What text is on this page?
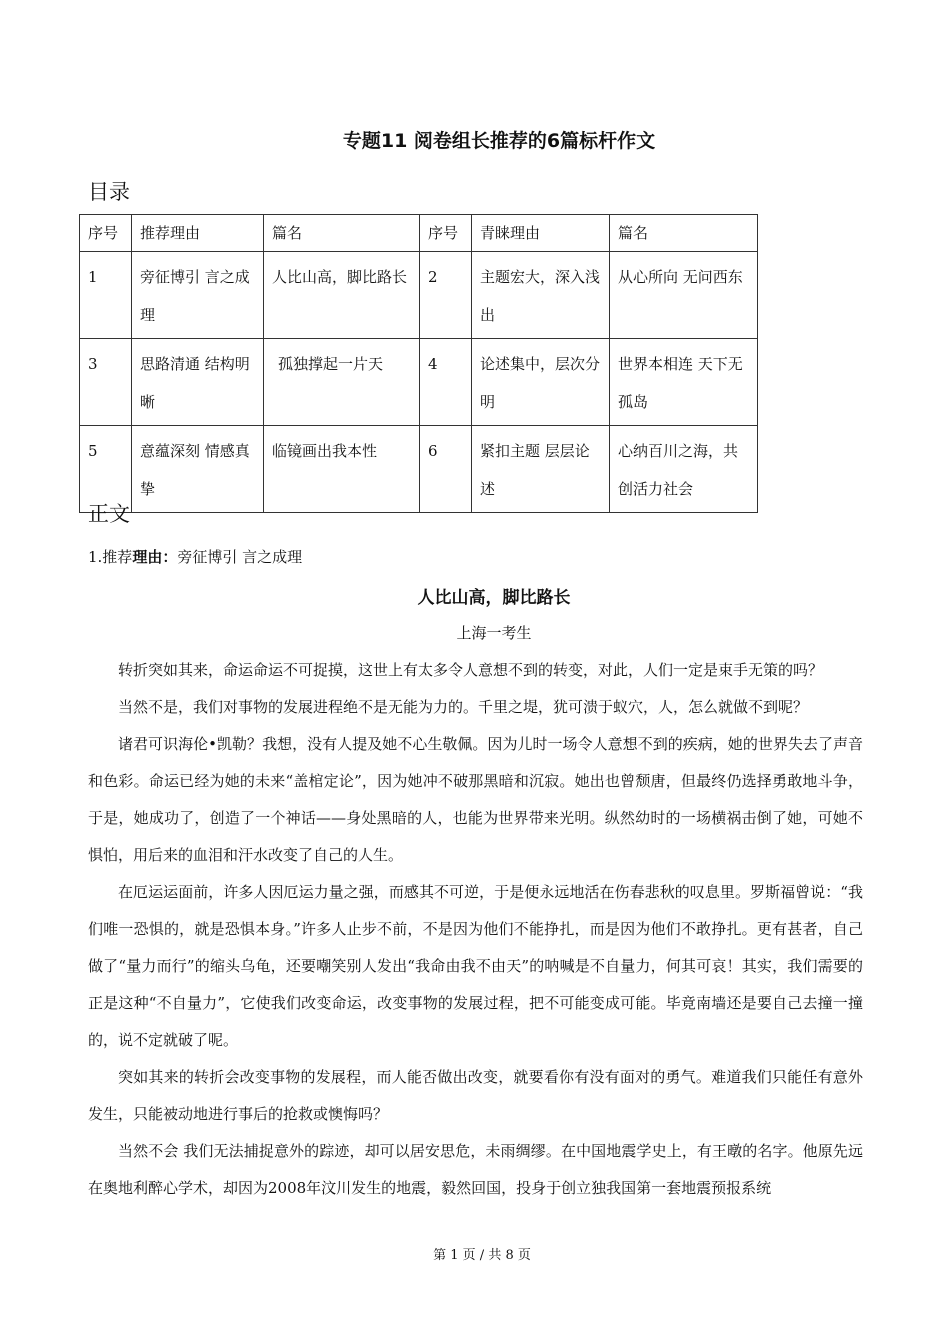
专题11 阅卷组长推荐的6篇标杆作文
目录
序号	推荐理由	篇名	序号	青睐理由	篇名
1	旁征博引 言之成理	人比山高，脚比路长	2	主题宏大，深入浅出	从心所向 无问西东
3	思路清通 结构明晰	孤独撑起一片天	4	论述集中，层次分明	世界本相连 天下无孤岛
5	意蕴深刻 情感真挚	临镜画出我本性	6	紧扣主题 层层论述	心纳百川之海，共创活力社会
正文
1.推荐理由：旁征博引 言之成理
人比山高，脚比路长
上海一考生

转折突如其来，命运命运不可捉摸，这世上有太多令人意想不到的转变，对此，人们一定是束手无策的吗？

当然不是，我们对事物的发展进程绝不是无能为力的。千里之堤，犹可溃于蚁穴，人，怎么就做不到呢？

诸君可识海伦•凯勒？我想，没有人提及她不心生敬佩。因为儿时一场令人意想不到的疾病，她的世界失去了声音和色彩。命运已经为她的未来“盖棺定论”，因为她冲不破那黑暗和沉寂。她出也曾颓唐，但最终仍选择勇敢地斗争，于是，她成功了，创造了一个神话——身处黑暗的人，也能为世界带来光明。纵然幼时的一场横祸击倒了她，可她不惧怕，用后来的血泪和汗水改变了自己的人生。

在厄运运面前，许多人因厄运力量之强，而感其不可逆，于是便永远地活在伤春悲秋的叹息里。罗斯福曾说：“我们唯一恐惧的，就是恐惧本身。”许多人止步不前，不是因为他们不能挣扎，而是因为他们不敢挣扎。更有甚者，自己做了“量力而行”的缩头乌龟，还要嘲笑别人发出“我命由我不由天”的呐喊是不自量力，何其可哀！其实，我们需要的正是这种“不自量力”，它使我们改变命运，改变事物的发展过程，把不可能变成可能。毕竟南墙还是要自己去撞一撞的，说不定就破了呢。

突如其来的转折会改变事物的发展程，而人能否做出改变，就要看你有没有面对的勇气。难道我们只能任有意外发生，只能被动地进行事后的抢救或懊悔吗？

当然不会 我们无法捕捉意外的踪迹，却可以居安思危，未雨绸缪。在中国地震学史上，有王暾的名字。他原先远在奥地利醉心学术，却因为2008年汶川发生的地震，毅然回国，投身于创立独我国第一套地震预报系统

第 1 页 / 共 8 页
